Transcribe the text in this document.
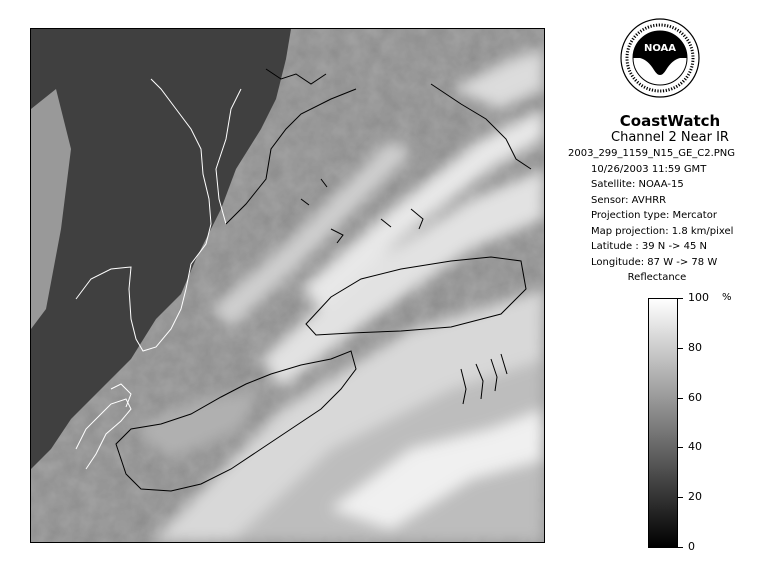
NOAA
CoastWatch
Channel 2 Near IR
2003_299_1159_N15_GE_C2.PNG
10/26/2003 11:59 GMT
Satellite: NOAA-15
Sensor: AVHRR
Projection type: Mercator
Map projection: 1.8 km/pixel
Latitude : 39 N -> 45 N
Longitude: 87 W -> 78 W
Reflectance
%
100
80
60
40
20
0
